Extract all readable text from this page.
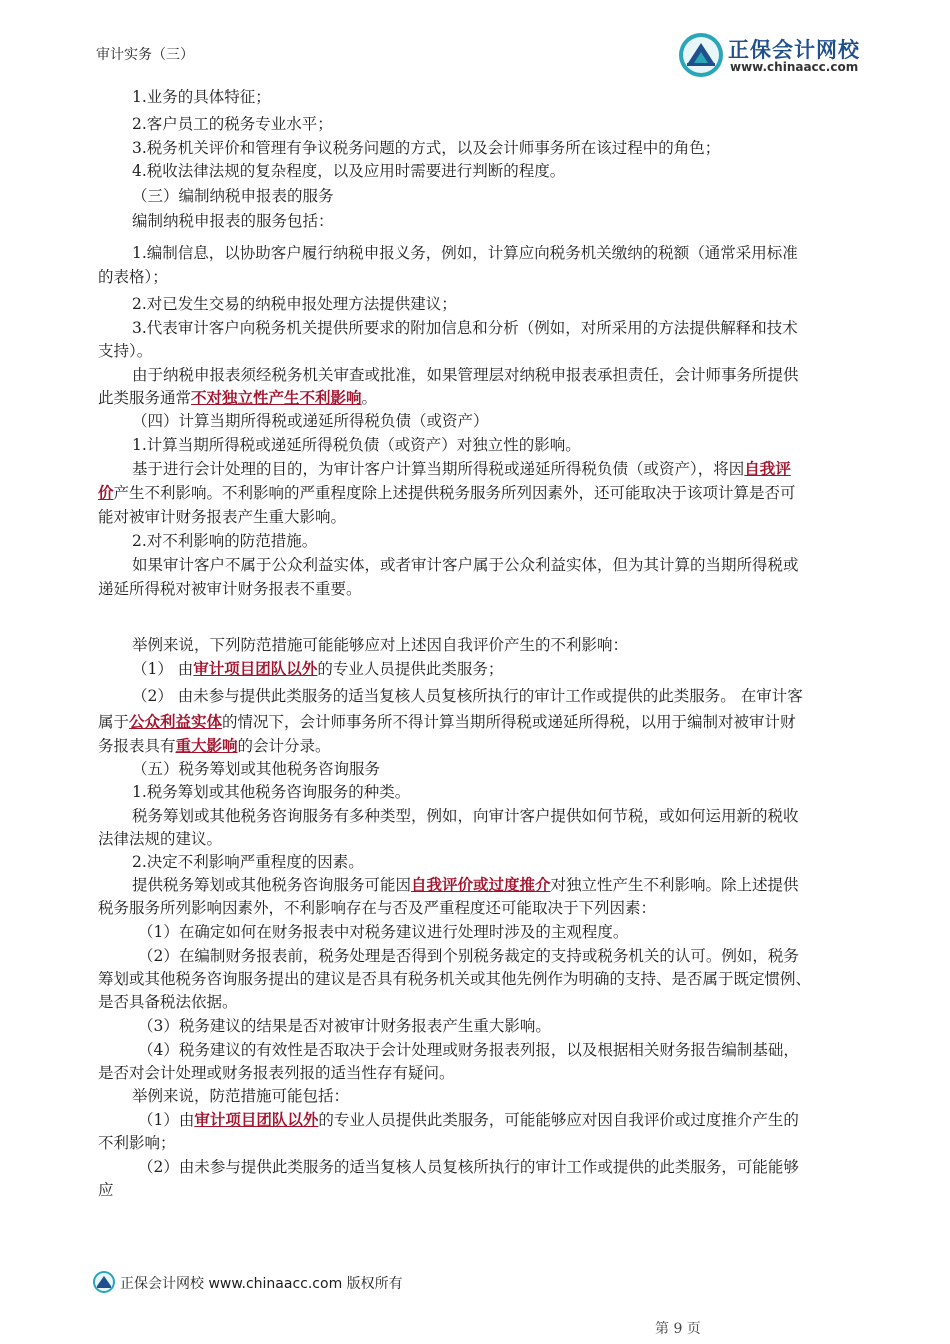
审计实务（三）	正保会计网校
www.chinaacc.com
1.业务的具体特征；
2.客户员工的税务专业水平；
3.税务机关评价和管理有争议税务问题的方式，以及会计师事务所在该过程中的角色；
4.税收法律法规的复杂程度，以及应用时需要进行判断的程度。
（三）编制纳税申报表的服务
编制纳税申报表的服务包括：
1.编制信息，以协助客户履行纳税申报义务，例如，计算应向税务机关缴纳的税额（通常采用标准
的表格）；
2.对已发生交易的纳税申报处理方法提供建议；
3.代表审计客户向税务机关提供所要求的附加信息和分析（例如，对所采用的方法提供解释和技术
支持）。
由于纳税申报表须经税务机关审查或批准，如果管理层对纳税申报表承担责任，会计师事务所提供
此类服务通常不对独立性产生不利影响。
（四）计算当期所得税或递延所得税负债（或资产）
1.计算当期所得税或递延所得税负债（或资产）对独立性的影响。
基于进行会计处理的目的，为审计客户计算当期所得税或递延所得税负债（或资产），将因自我评
价产生不利影响。不利影响的严重程度除上述提供税务服务所列因素外，还可能取决于该项计算是否可
能对被审计财务报表产生重大影响。
2.对不利影响的防范措施。
如果审计客户不属于公众利益实体，或者审计客户属于公众利益实体，但为其计算的当期所得税或
递延所得税对被审计财务报表不重要。
举例来说，下列防范措施可能能够应对上述因自我评价产生的不利影响：
（1） 由审计项目团队以外的专业人员提供此类服务；
（2） 由未参与提供此类服务的适当复核人员复核所执行的审计工作或提供的此类服务。 在审计客
属于公众利益实体的情况下，会计师事务所不得计算当期所得税或递延所得税，以用于编制对被审计财
务报表具有重大影响的会计分录。
（五）税务筹划或其他税务咨询服务
1.税务筹划或其他税务咨询服务的种类。
税务筹划或其他税务咨询服务有多种类型，例如，向审计客户提供如何节税，或如何运用新的税收
法律法规的建议。
2.决定不利影响严重程度的因素。
提供税务筹划或其他税务咨询服务可能因自我评价或过度推介对独立性产生不利影响。除上述提供
税务服务所列影响因素外，不利影响存在与否及严重程度还可能取决于下列因素：
（1）在确定如何在财务报表中对税务建议进行处理时涉及的主观程度。
（2）在编制财务报表前，税务处理是否得到个别税务裁定的支持或税务机关的认可。例如，税务
筹划或其他税务咨询服务提出的建议是否具有税务机关或其他先例作为明确的支持、是否属于既定惯例、
是否具备税法依据。
（3）税务建议的结果是否对被审计财务报表产生重大影响。
（4）税务建议的有效性是否取决于会计处理或财务报表列报，以及根据相关财务报告编制基础，
是否对会计处理或财务报表列报的适当性存有疑问。
举例来说，防范措施可能包括：
（1）由审计项目团队以外的专业人员提供此类服务，可能能够应对因自我评价或过度推介产生的
不利影响；
（2）由未参与提供此类服务的适当复核人员复核所执行的审计工作或提供的此类服务，可能能够
应
正保会计网校 www.chinaacc.com 版权所有
第 9 页
